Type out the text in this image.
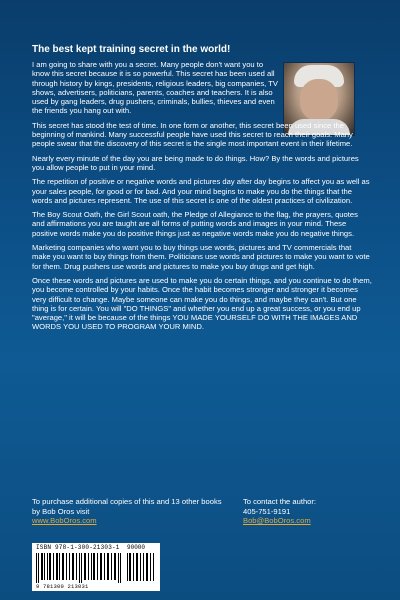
The best kept training secret in the world!

I am going to share with you a secret. Many people don't want you to know this secret because it is so powerful. This secret has been used all through history by kings, presidents, religious leaders, big companies, TV shows, advertisers, politicians, parents, coaches and teachers. It is also used by gang leaders, drug pushers, criminals, bullies, thieves and even the friends you hang out with.

This secret has stood the test of time. In one form or another, this secret been used since the beginning of mankind. Many successful people have used this secret to reach their goals. Many people swear that the discovery of this secret is the single most important event in their lifetime.

Nearly every minute of the day you are being made to do things. How? By the words and pictures you allow people to put in your mind.

The repetition of positive or negative words and pictures day after day begins to affect you as well as your sales people, for good or for bad. And your mind begins to make you do the things that the words and pictures represent. The use of this secret is one of the oldest practices of civilization.

The Boy Scout Oath, the Girl Scout oath, the Pledge of Allegiance to the flag, the prayers, quotes and affirmations you are taught are all forms of putting words and images in your mind. These positive words make you do positive things just as negative words make you do negative things.

Marketing companies who want you to buy things use words, pictures and TV commercials that make you want to buy things from them. Politicians use words and pictures to make you want to vote for them. Drug pushers use words and pictures to make you buy drugs and get high.

Once these words and pictures are used to make you do certain things, and you continue to do them, you become controlled by your habits. Once the habit becomes stronger and stronger it becomes very difficult to change. Maybe someone can make you do things, and maybe they can't. But one thing is for certain. You will "DO THINGS" and whether you end up a great success, or you end up "average," it will be because of the things YOU MADE YOURSELF DO WITH THE IMAGES AND WORDS YOU USED TO PROGRAM YOUR MIND.

To purchase additional copies of this and 13 other books by Bob Oros visit
www.BobOros.com
To contact the author:
405-751-9191
Bob@BobOros.com
ISBN 978-1-300-21303-1 90000
9 781300 213031
